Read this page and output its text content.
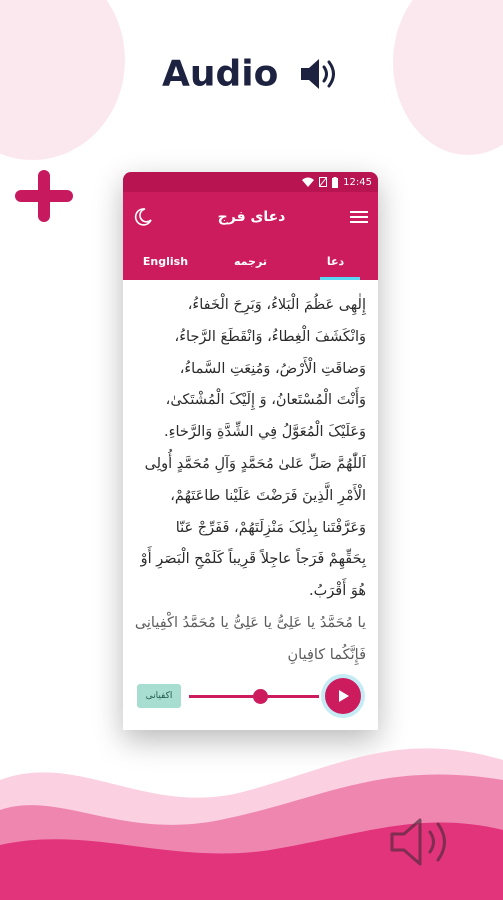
Audio
12:45
دعای فرج
English	ترجمه	دعا
إِلٰهِی عَظُمَ الْبَلاءُ، وَبَرِحَ الْخَفاءُ،
وَانْکَشَفَ الْغِطاءُ، وَانْقَطَعَ الرَّجاءُ،
وَضاقَتِ الْأَرْضُ، وَمُنِعَتِ السَّماءُ،
وَأَنْتَ الْمُسْتَعانُ، وَ إِلَیْکَ الْمُشْتَکیٰ،
وَعَلَیْکَ الْمُعَوَّلُ فِي الشِّدَّةِ وَالرَّخاءِ.
اَللّٰهُمَّ صَلِّ عَلیٰ مُحَمَّدٍ وَآلِ مُحَمَّدٍ أُولِی
الْأَمْرِ الَّذِینَ فَرَضْتَ عَلَیْنا طاعَتَهُمْ،
وَعَرَّفْتَنا بِذٰلِکَ مَنْزِلَتَهُمْ، فَفَرِّجْ عَنّا
بِحَقِّهِمْ فَرَجاً عاجِلاً قَرِیباً کَلَمْحِ الْبَصَرِ أَوْ
هُوَ أَقْرَبُ.
یا مُحَمَّدُ یا عَلِیُّ یا عَلِیُّ یا مُحَمَّدُ اکْفِیانِی
فَإِنَّکُما کافِیانِ
اکفیانی
